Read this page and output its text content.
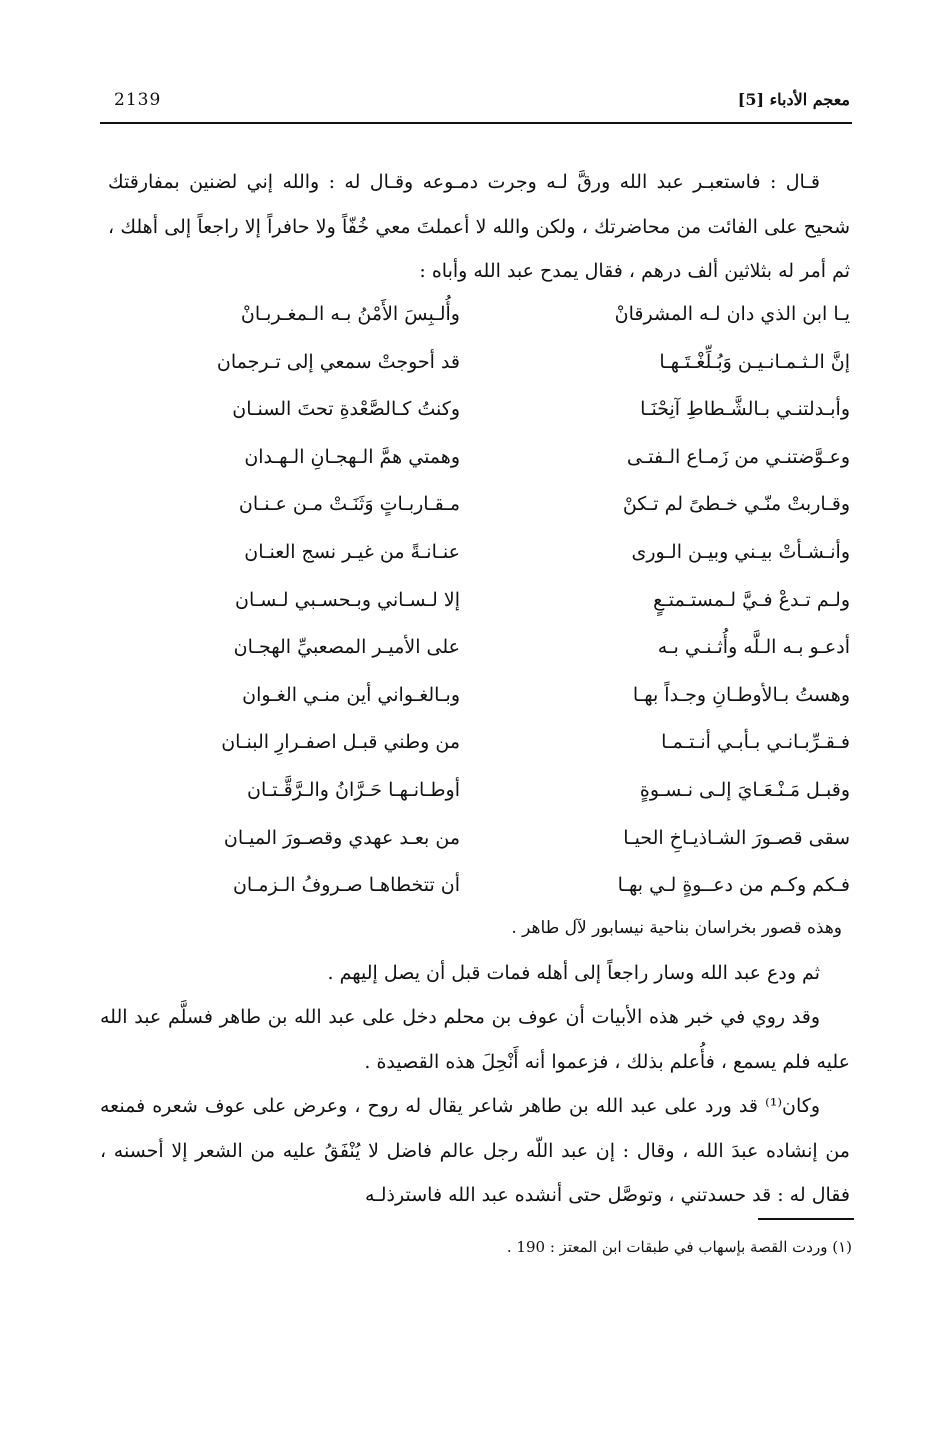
2139	معجم الأدباء [5]

قـال : فاستعبـر عبد الله ورقَّ لـه وجرت دمـوعه وقـال له : والله إني لضنين بمفارقتك شحيح على الفائت من محاضرتك ، ولكن والله لا أعملتَ معي خُفّاً ولا حافراً إلا راجعاً إلى أهلك ، ثم أمر له بثلاثين ألف درهم ، فقال يمدح عبد الله وأباه :

يـا ابن الذي دان لـه المشرقانْ
وأُلـبِسَ الأَمْنُ بـه الـمغـربـانْ
إنَّ الـثـمـانـيـن وَبُـلِّغْـتَـهـا
قد أحوجتْ سمعي إلى تـرجمان
وأبـدلتنـي بـالشَّـطاطِ آنِحْنَـا
وكنتُ كـالصَّعْدةِ تحتَ السنـان
وعـوَّضتنـي من زَمـاع الـفتـى
وهمتي همَّ الـهجـانِ الـهـدان
وقـاربتْ منّـي خـطىً لم تـكنْ
مـقـاربـاتٍ وَثَنَـتْ مـن عـنـان
وأنـشـأتْ بيـني وبيـن الـورى
عنـانـةً من غيـر نسج العنـان
ولـم تـدعْ فـيَّ لـمستـمتـعٍ
إلا لـسـاني وبـحسـبي لـسـان
أدعـو بـه الـلَّه وأُثـنـي بـه
على الأميـر المصعبيِّ الهجـان
وهستُ بـالأوطـانِ وجـداً بهـا
وبـالغـواني أين منـي الغـوان
فـقـرِّبـانـي بـأبـي أنـتـمـا
من وطني قبـل اصفـرارِ البنـان
وقبـل مَـنْـعَـايَ إلـى نـسـوةٍ
أوطـانـهـا حَـرَّانُ والـرَّقَّـتـان
سقى قصـورَ الشـاذيـاخِ الحيـا
من بعـد عهدي وقصـورَ الميـان
فـكم وكـم من دعــوةٍ لـي بهـا
أن تتخطاهـا صـروفُ الـزمـان

وهذه قصور بخراسان بناحية نيسابور لآل طاهر .

ثم ودع عبد الله وسار راجعاً إلى أهله فمات قبل أن يصل إليهم .

وقد روي في خبر هذه الأبيات أن عوف بن محلم دخل على عبد الله بن طاهر فسلَّم عبد الله عليه فلم يسمع ، فأُعلم بذلك ، فزعموا أنه أَنْحِلَ هذه القصيدة .

وكان⁽¹⁾ قد ورد على عبد الله بن طاهر شاعر يقال له روح ، وعرض على عوف شعره فمنعه من إنشاده عبدَ الله ، وقال : إن عبد اللّه رجل عالم فاضل لا يُنْفَقُ عليه من الشعر إلا أحسنه ، فقال له : قد حسدتني ، وتوصَّل حتى أنشده عبد الله فاسترذلـه

(١) وردت القصة بإسهاب في طبقات ابن المعتز : 190 .
